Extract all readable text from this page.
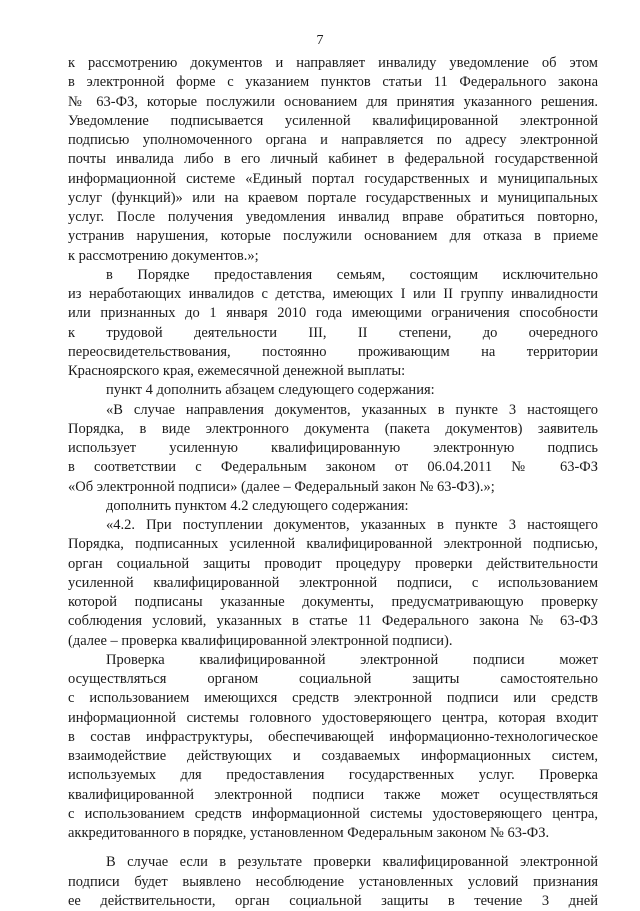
7
к рассмотрению документов и направляет инвалиду уведомление об этом
в электронной форме с указанием пунктов статьи 11 Федерального закона
№ 63-ФЗ, которые послужили основанием для принятия указанного решения.
Уведомление подписывается усиленной квалифицированной электронной
подписью уполномоченного органа и направляется по адресу электронной
почты инвалида либо в его личный кабинет в федеральной государственной
информационной системе «Единый портал государственных и муниципальных
услуг (функций)» или на краевом портале государственных и муниципальных
услуг. После получения уведомления инвалид вправе обратиться повторно,
устранив нарушения, которые послужили основанием для отказа в приеме
к рассмотрению документов.»;
в Порядке предоставления семьям, состоящим исключительно
из неработающих инвалидов с детства, имеющих I или II группу инвалидности
или признанных до 1 января 2010 года имеющими ограничения способности
к трудовой деятельности III, II степени, до очередного
переосвидетельствования, постоянно проживающим на территории
Красноярского края, ежемесячной денежной выплаты:
пункт 4 дополнить абзацем следующего содержания:
«В случае направления документов, указанных в пункте 3 настоящего
Порядка, в виде электронного документа (пакета документов) заявитель
использует усиленную квалифицированную электронную подпись
в соответствии с Федеральным законом от 06.04.2011 № 63-ФЗ
«Об электронной подписи» (далее – Федеральный закон № 63-ФЗ).»;
дополнить пунктом 4.2 следующего содержания:
«4.2. При поступлении документов, указанных в пункте 3 настоящего
Порядка, подписанных усиленной квалифицированной электронной подписью,
орган социальной защиты проводит процедуру проверки действительности
усиленной квалифицированной электронной подписи, с использованием
которой подписаны указанные документы, предусматривающую проверку
соблюдения условий, указанных в статье 11 Федерального закона № 63-ФЗ
(далее – проверка квалифицированной электронной подписи).
Проверка квалифицированной электронной подписи может
осуществляться органом социальной защиты самостоятельно
с использованием имеющихся средств электронной подписи или средств
информационной системы головного удостоверяющего центра, которая входит
в состав инфраструктуры, обеспечивающей информационно-технологическое
взаимодействие действующих и создаваемых информационных систем,
используемых для предоставления государственных услуг. Проверка
квалифицированной электронной подписи также может осуществляться
с использованием средств информационной системы удостоверяющего центра,
аккредитованного в порядке, установленном Федеральным законом № 63-ФЗ.
В случае если в результате проверки квалифицированной электронной
подписи будет выявлено несоблюдение установленных условий признания
ее действительности, орган социальной защиты в течение 3 дней
